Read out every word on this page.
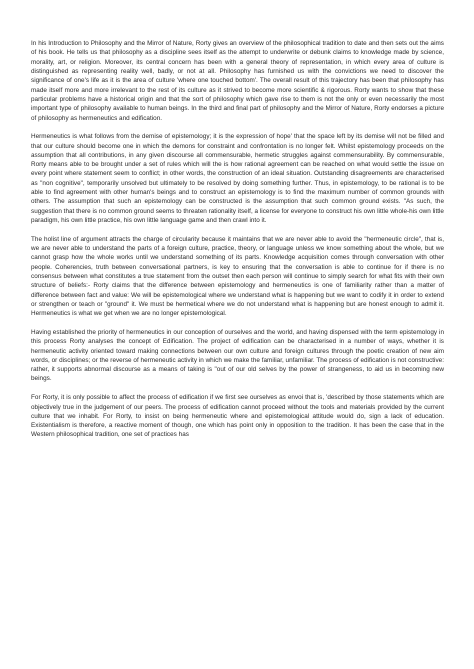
In his Introduction to Philosophy and the Mirror of Nature, Rorty gives an overview of the philosophical tradition to date and then sets out the aims of his book. He tells us that philosophy as a discipline sees itself as the attempt to underwrite or debunk claims to knowledge made by science, morality, art, or religion. Moreover, its central concern has been with a general theory of representation, in which every area of culture is distinguished as representing reality well, badly, or not at all. Philosophy has furnished us with the convictions we need to discover the significance of one's life as it is the area of culture 'where one touched bottom'. The overall result of this trajectory has been that philosophy has made itself more and more irrelevant to the rest of its culture as it strived to become more scientific & rigorous. Rorty wants to show that these particular problems have a historical origin and that the sort of philosophy which gave rise to them is not the only or even necessarily the most important type of philosophy available to human beings. In the third and final part of philosophy and the Mirror of Nature, Rorty endorses a picture of philosophy as hermeneutics and edification.

Hermeneutics is what follows from the demise of epistemology; it is the expression of hope' that the space left by its demise will not be filled and that our culture should become one in which the demons for constraint and confrontation is no longer felt. Whilst epistemology proceeds on the assumption that all contributions, in any given discourse all commensurable, hermetic struggles against commensurability. By commensurable, Rorty means able to be brought under a set of rules which will the is how rational agreement can be reached on what would settle the issue on every point where statement seem to conflict; in other words, the construction of an ideal situation. Outstanding disagreements are characterised as "non cognitive", temporarily unsolved but ultimately to be resolved by doing something further. Thus, in epistemology, to be rational is to be able to find agreement with other human's beings and to construct an epistemology is to find the maximum number of common grounds with others. The assumption that such an epistemology can be constructed is the assumption that such common ground exists. "As such, the suggestion that there is no common ground seems to threaten rationality itself, a license for everyone to construct his own little whole-his own little paradigm, his own little practice, his own little language game and then crawl into it.

The holist line of argument attracts the charge of circularity because it maintains that we are never able to avoid the "hermeneutic circle", that is, we are never able to understand the parts of a foreign culture, practice, theory, or language unless we know something about the whole, but we cannot grasp how the whole works until we understand something of its parts. Knowledge acquisition comes through conversation with other people. Coherencies, truth between conversational partners, is key to ensuring that the conversation is able to continue for if there is no consensus between what constitutes a true statement from the outset then each person will continue to simply search for what fits with their own structure of beliefs:- Rorty claims that the difference between epistemology and hermeneutics is one of familiarity rather than a matter of difference between fact and value: We will be epistemological where we understand what is happening but we want to codify it in order to extend or strengthen or teach or "ground" it. We must be hermetical where we do not understand what is happening but are honest enough to admit it. Hermeneutics is what we get when we are no longer epistemological.

Having established the priority of hermeneutics in our conception of ourselves and the world, and having dispensed with the term epistemology in this process Rorty analyses the concept of Edification. The project of edification can be characterised in a number of ways, whether it is hermeneutic activity oriented toward making connections between our own culture and foreign cultures through the poetic creation of new aim words, or disciplines; or the reverse of hermeneutic activity in which we make the familiar, unfamiliar. The process of edification is not constructive: rather, it supports abnormal discourse as a means of taking is "out of our old selves by the power of strangeness, to aid us in becoming new beings.

For Rorty, it is only possible to affect the process of edification if we first see ourselves as envoi that is, 'described by those statements which are objectively true in the judgement of our peers. The process of edification cannot proceed without the tools and materials provided by the current culture that we inhabit. For Rorty, to insist on being hermeneutic where and epistemological attitude would do, sign a lack of education. Existentialism is therefore, a reactive moment of though, one which has point only in opposition to the tradition. It has been the case that in the Western philosophical tradition, one set of practices has
